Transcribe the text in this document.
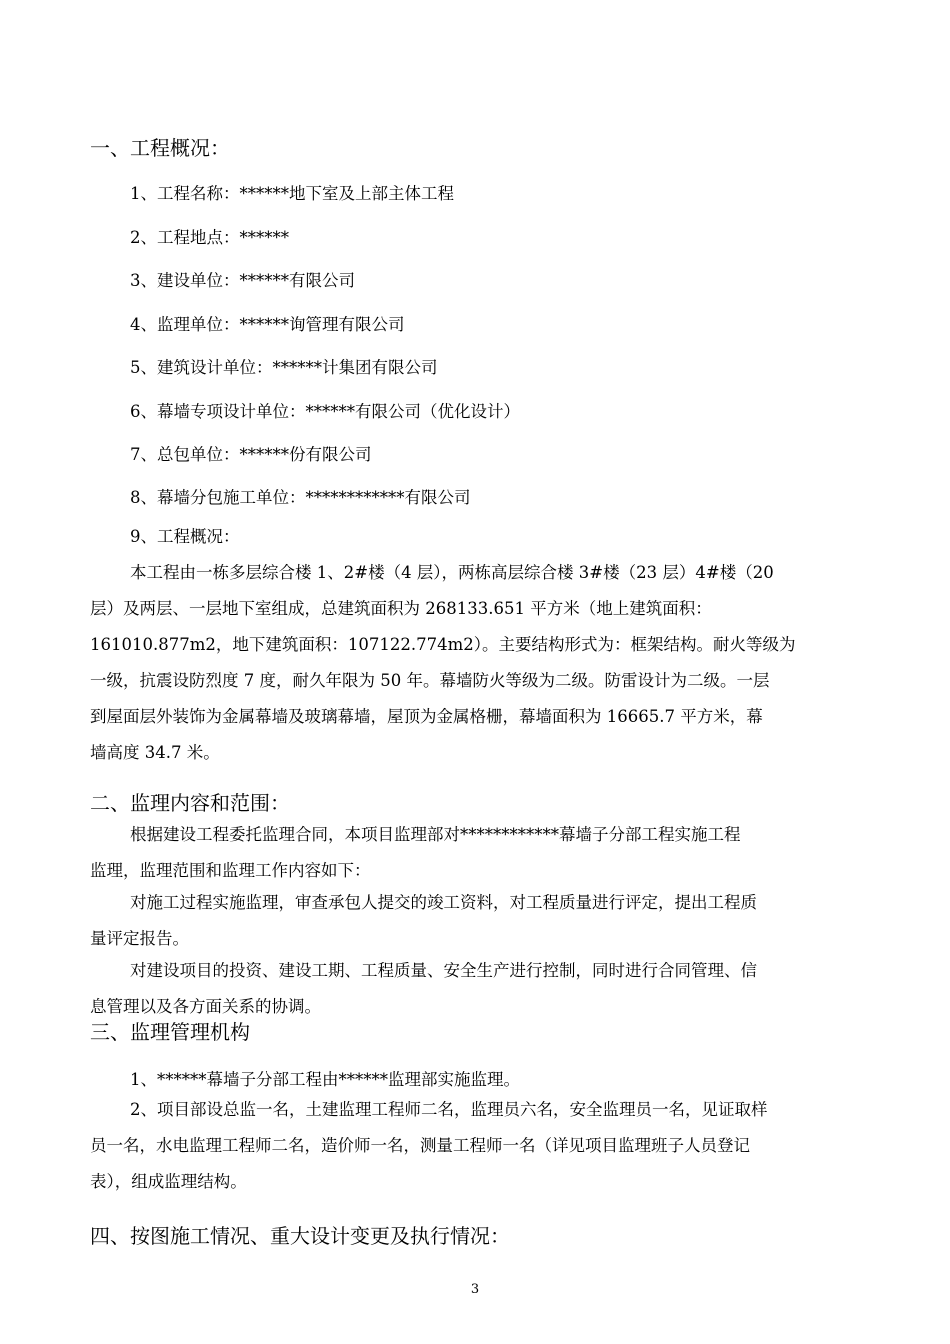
一、工程概况：
1、工程名称：******地下室及上部主体工程
2、工程地点：******
3、建设单位：******有限公司
4、监理单位：******询管理有限公司
5、建筑设计单位：******计集团有限公司
6、幕墙专项设计单位：******有限公司（优化设计）
7、总包单位：******份有限公司
8、幕墙分包施工单位：************有限公司
9、工程概况：
本工程由一栋多层综合楼 1、2#楼（4 层），两栋高层综合楼 3#楼（23 层）4#楼（20
层）及两层、一层地下室组成，总建筑面积为 268133.651 平方米（地上建筑面积：
161010.877m2，地下建筑面积：107122.774m2）。主要结构形式为：框架结构。耐火等级为
一级，抗震设防烈度 7 度，耐久年限为 50 年。幕墙防火等级为二级。防雷设计为二级。一层
到屋面层外装饰为金属幕墙及玻璃幕墙，屋顶为金属格栅，幕墙面积为 16665.7 平方米，幕
墙高度 34.7 米。
二、监理内容和范围：
根据建设工程委托监理合同，本项目监理部对************幕墙子分部工程实施工程
监理，监理范围和监理工作内容如下：
对施工过程实施监理，审查承包人提交的竣工资料，对工程质量进行评定，提出工程质
量评定报告。
对建设项目的投资、建设工期、工程质量、安全生产进行控制，同时进行合同管理、信
息管理以及各方面关系的协调。
三、监理管理机构
1、******幕墙子分部工程由******监理部实施监理。
2、项目部设总监一名，土建监理工程师二名，监理员六名，安全监理员一名，见证取样
员一名，水电监理工程师二名，造价师一名，测量工程师一名（详见项目监理班子人员登记
表），组成监理结构。
四、按图施工情况、重大设计变更及执行情况：
3
